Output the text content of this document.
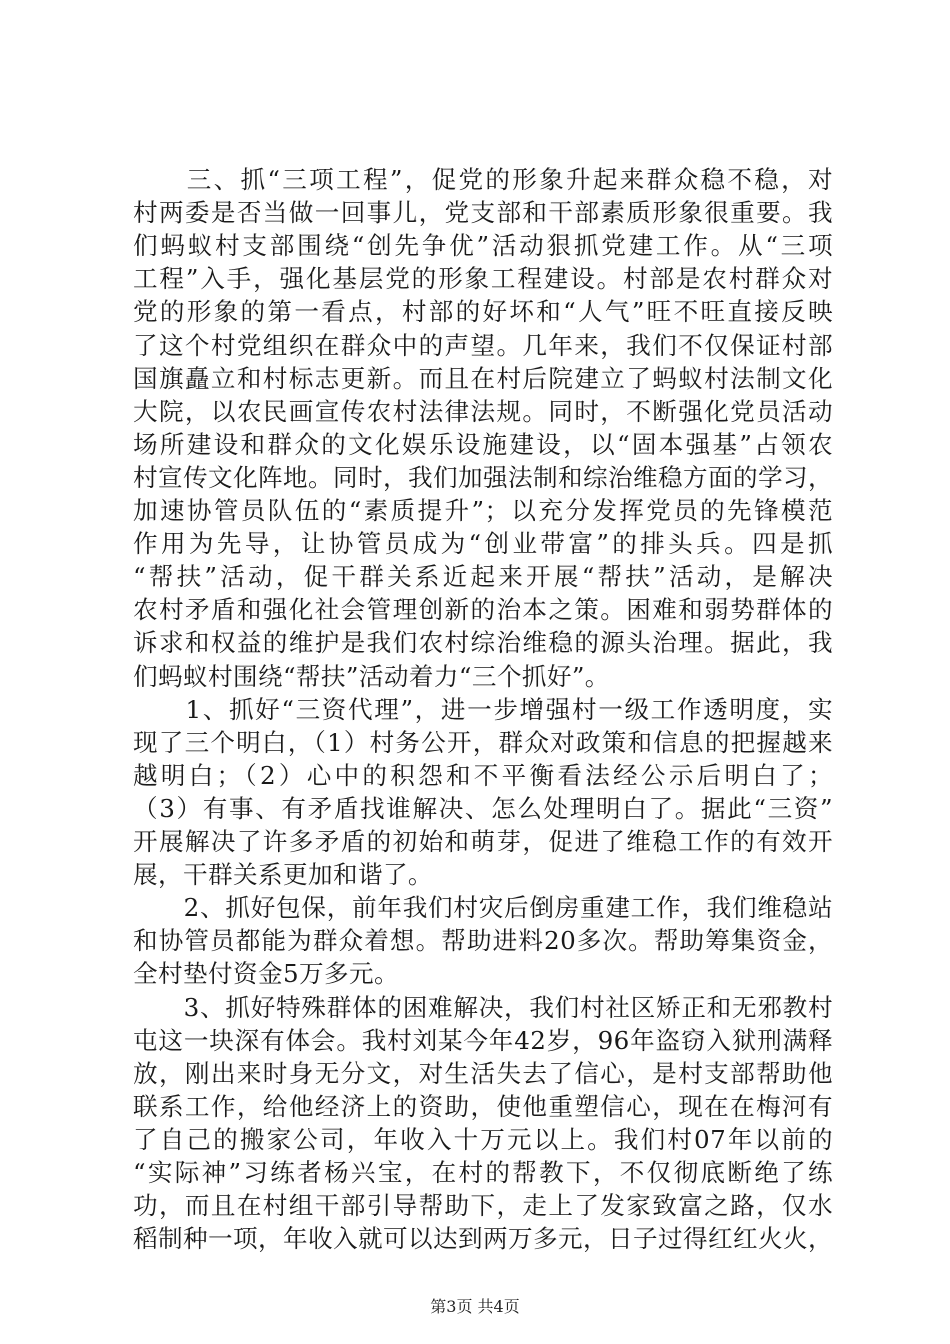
　　三、抓“三项工程”，促党的形象升起来群众稳不稳，对
村两委是否当做一回事儿，党支部和干部素质形象很重要。我
们蚂蚁村支部围绕“创先争优”活动狠抓党建工作。从“三项
工程”入手，强化基层党的形象工程建设。村部是农村群众对
党的形象的第一看点，村部的好坏和“人气”旺不旺直接反映
了这个村党组织在群众中的声望。几年来，我们不仅保证村部
国旗矗立和村标志更新。而且在村后院建立了蚂蚁村法制文化
大院，以农民画宣传农村法律法规。同时，不断强化党员活动
场所建设和群众的文化娱乐设施建设，以“固本强基”占领农
村宣传文化阵地。同时，我们加强法制和综治维稳方面的学习，
加速协管员队伍的“素质提升”；以充分发挥党员的先锋模范
作用为先导，让协管员成为“创业带富”的排头兵。四是抓
“帮扶”活动，促干群关系近起来开展“帮扶”活动，是解决
农村矛盾和强化社会管理创新的治本之策。困难和弱势群体的
诉求和权益的维护是我们农村综治维稳的源头治理。据此，我
们蚂蚁村围绕“帮扶”活动着力“三个抓好”。
　　1、抓好“三资代理”，进一步增强村一级工作透明度，实
现了三个明白，（1）村务公开，群众对政策和信息的把握越来
越明白；（2）心中的积怨和不平衡看法经公示后明白了；
（3）有事、有矛盾找谁解决、怎么处理明白了。据此“三资”
开展解决了许多矛盾的初始和萌芽，促进了维稳工作的有效开
展，干群关系更加和谐了。
　　2、抓好包保，前年我们村灾后倒房重建工作，我们维稳站
和协管员都能为群众着想。帮助进料20多次。帮助筹集资金，
全村垫付资金5万多元。
　　3、抓好特殊群体的困难解决，我们村社区矫正和无邪教村
屯这一块深有体会。我村刘某今年42岁，96年盗窃入狱刑满释
放，刚出来时身无分文，对生活失去了信心，是村支部帮助他
联系工作，给他经济上的资助，使他重塑信心，现在在梅河有
了自己的搬家公司，年收入十万元以上。我们村07年以前的
“实际神”习练者杨兴宝，在村的帮教下，不仅彻底断绝了练
功，而且在村组干部引导帮助下，走上了发家致富之路，仅水
稻制种一项，年收入就可以达到两万多元，日子过得红红火火，
第3页 共4页
